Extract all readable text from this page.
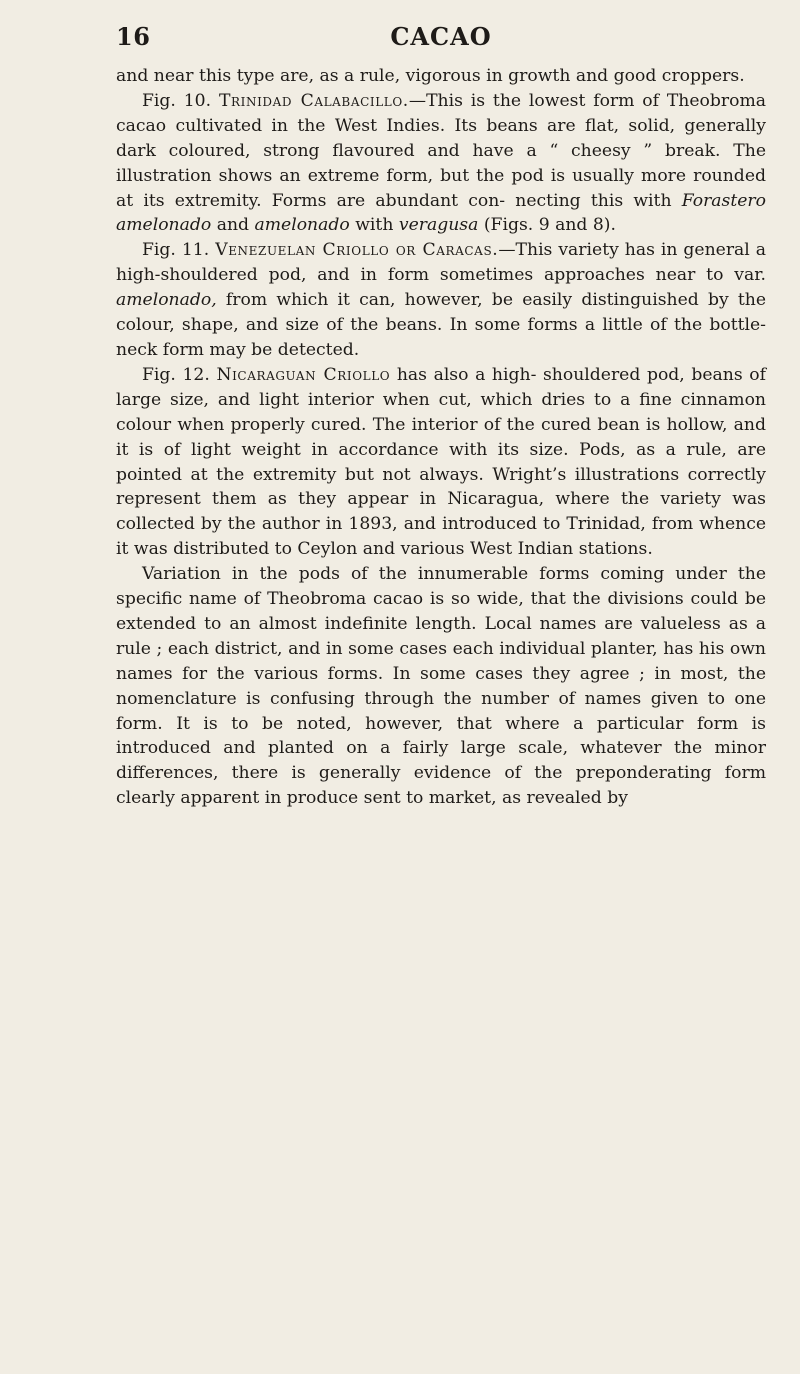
16	CACAO

and near this type are, as a rule, vigorous in growth and good croppers.

Fig. 10. Trinidad Calabacillo.—This is the lowest form of Theobroma cacao cultivated in the West Indies. Its beans are flat, solid, generally dark coloured, strong flavoured and have a “ cheesy ” break. The illustration shows an extreme form, but the pod is usually more rounded at its extremity. Forms are abundant con- necting this with Forastero amelonado and amelonado with veragusa (Figs. 9 and 8).

Fig. 11. Venezuelan Criollo or Caracas.—This variety has in general a high-shouldered pod, and in form sometimes approaches near to var. amelonado, from which it can, however, be easily distinguished by the colour, shape, and size of the beans. In some forms a little of the bottle-neck form may be detected.

Fig. 12. Nicaraguan Criollo has also a high- shouldered pod, beans of large size, and light interior when cut, which dries to a fine cinnamon colour when properly cured. The interior of the cured bean is hollow, and it is of light weight in accordance with its size. Pods, as a rule, are pointed at the extremity but not always. Wright’s illustrations correctly represent them as they appear in Nicaragua, where the variety was collected by the author in 1893, and introduced to Trinidad, from whence it was distributed to Ceylon and various West Indian stations.

Variation in the pods of the innumerable forms coming under the specific name of Theobroma cacao is so wide, that the divisions could be extended to an almost indefinite length. Local names are valueless as a rule ; each district, and in some cases each individual planter, has his own names for the various forms. In some cases they agree ; in most, the nomenclature is confusing through the number of names given to one form. It is to be noted, however, that where a particular form is introduced and planted on a fairly large scale, whatever the minor differences, there is generally evidence of the preponderating form clearly apparent in produce sent to market, as revealed by
